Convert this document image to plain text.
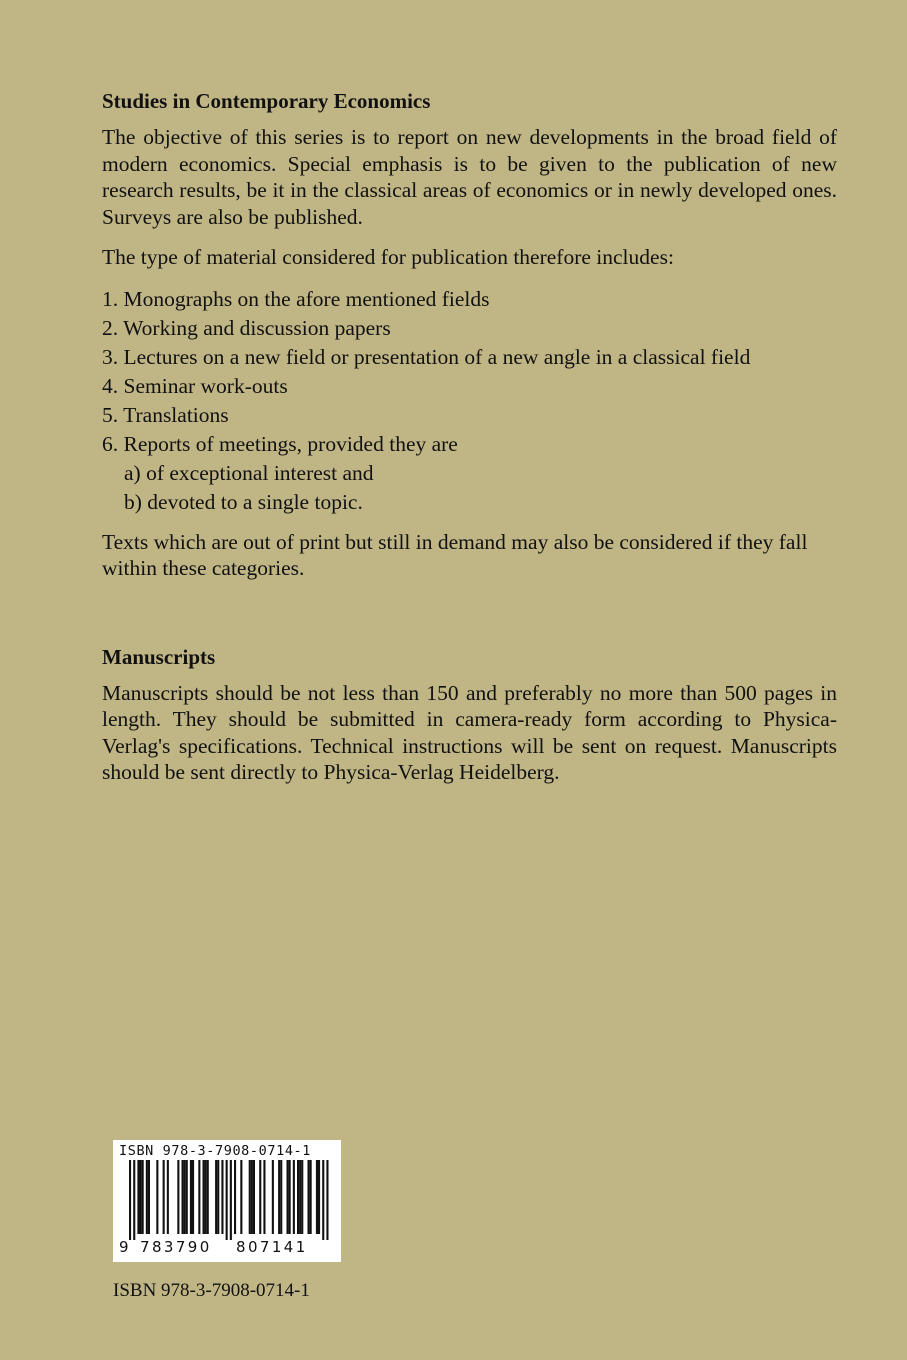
Studies in Contemporary Economics

The objective of this series is to report on new developments in the broad field of modern economics. Special emphasis is to be given to the publication of new research results, be it in the classical areas of economics or in newly developed ones. Surveys are also be published.

The type of material considered for publication therefore includes:

1. Monographs on the afore mentioned fields
2. Working and discussion papers
3. Lectures on a new field or presentation of a new angle in a classical field
4. Seminar work-outs
5. Translations
6. Reports of meetings, provided they are
a) of exceptional interest and
b) devoted to a single topic.

Texts which are out of print but still in demand may also be considered if they fall within these categories.

Manuscripts

Manuscripts should be not less than 150 and preferably no more than 500 pages in length. They should be submitted in camera-ready form according to Physica-Verlag's specifications. Technical instructions will be sent on request. Manuscripts should be sent directly to Physica-Verlag Heidelberg.

ISBN 978-3-7908-0714-1
9 783790 807141
ISBN 978-3-7908-0714-1
